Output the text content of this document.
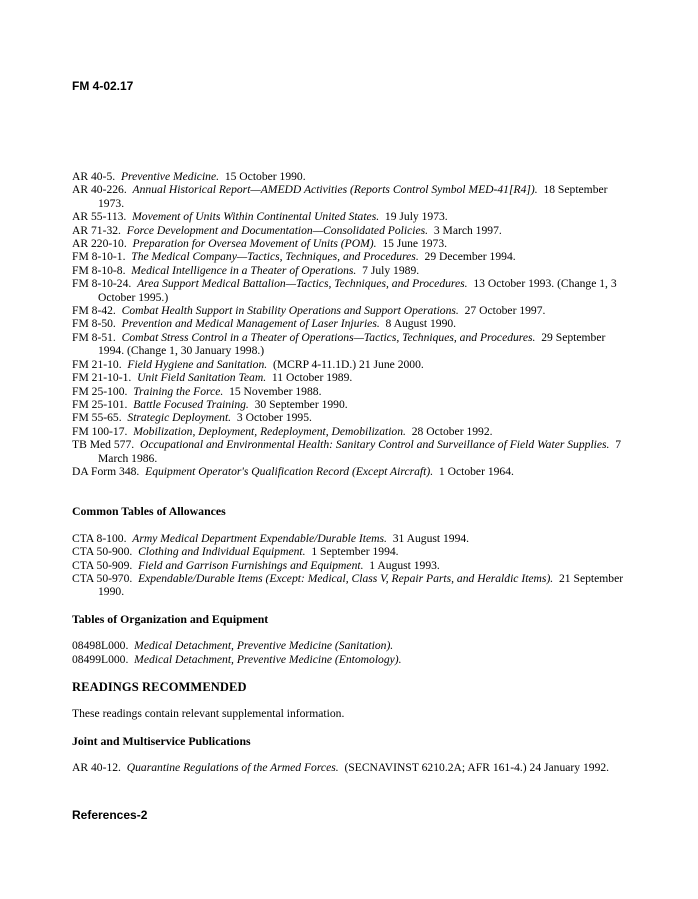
FM 4-02.17

AR 40-5. Preventive Medicine. 15 October 1990.

AR 40-226. Annual Historical Report—AMEDD Activities (Reports Control Symbol MED-41[R4]). 18 September 1973.

AR 55-113. Movement of Units Within Continental United States. 19 July 1973.

AR 71-32. Force Development and Documentation—Consolidated Policies. 3 March 1997.

AR 220-10. Preparation for Oversea Movement of Units (POM). 15 June 1973.

FM 8-10-1. The Medical Company—Tactics, Techniques, and Procedures. 29 December 1994.

FM 8-10-8. Medical Intelligence in a Theater of Operations. 7 July 1989.

FM 8-10-24. Area Support Medical Battalion—Tactics, Techniques, and Procedures. 13 October 1993. (Change 1, 3 October 1995.)

FM 8-42. Combat Health Support in Stability Operations and Support Operations. 27 October 1997.

FM 8-50. Prevention and Medical Management of Laser Injuries. 8 August 1990.

FM 8-51. Combat Stress Control in a Theater of Operations—Tactics, Techniques, and Procedures. 29 September 1994. (Change 1, 30 January 1998.)

FM 21-10. Field Hygiene and Sanitation. (MCRP 4-11.1D.) 21 June 2000.

FM 21-10-1. Unit Field Sanitation Team. 11 October 1989.

FM 25-100. Training the Force. 15 November 1988.

FM 25-101. Battle Focused Training. 30 September 1990.

FM 55-65. Strategic Deployment. 3 October 1995.

FM 100-17. Mobilization, Deployment, Redeployment, Demobilization. 28 October 1992.

TB Med 577. Occupational and Environmental Health: Sanitary Control and Surveillance of Field Water Supplies. 7 March 1986.

DA Form 348. Equipment Operator's Qualification Record (Except Aircraft). 1 October 1964.

Common Tables of Allowances

CTA 8-100. Army Medical Department Expendable/Durable Items. 31 August 1994.

CTA 50-900. Clothing and Individual Equipment. 1 September 1994.

CTA 50-909. Field and Garrison Furnishings and Equipment. 1 August 1993.

CTA 50-970. Expendable/Durable Items (Except: Medical, Class V, Repair Parts, and Heraldic Items). 21 September 1990.

Tables of Organization and Equipment

08498L000. Medical Detachment, Preventive Medicine (Sanitation).

08499L000. Medical Detachment, Preventive Medicine (Entomology).

READINGS RECOMMENDED

These readings contain relevant supplemental information.

Joint and Multiservice Publications

AR 40-12. Quarantine Regulations of the Armed Forces. (SECNAVINST 6210.2A; AFR 161-4.) 24 January 1992.

References-2
